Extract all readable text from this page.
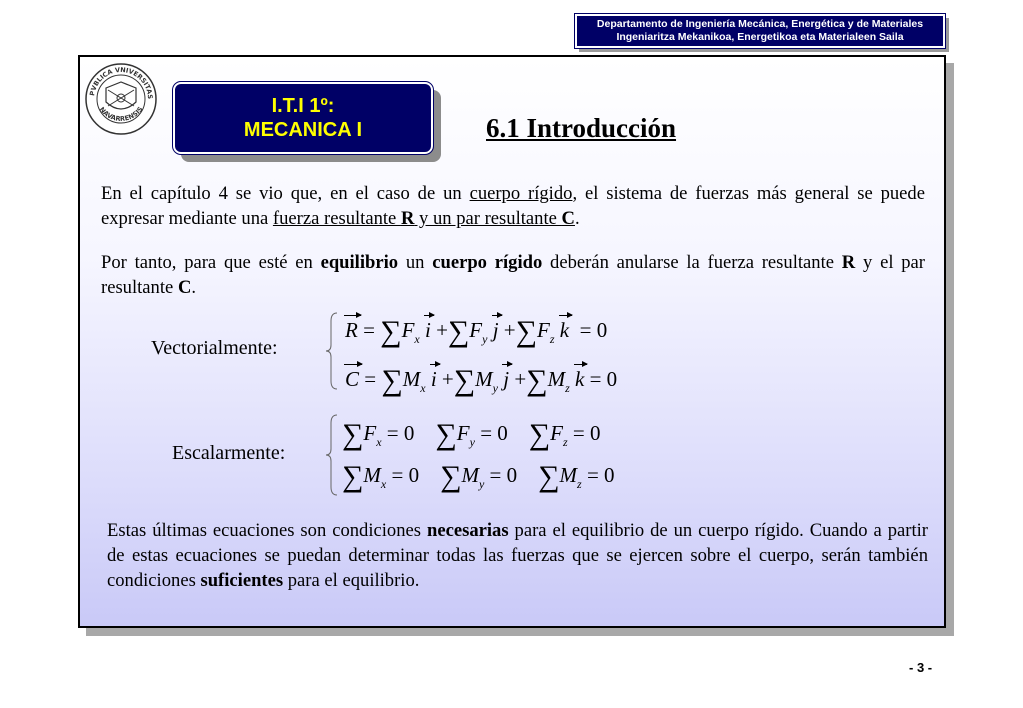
Departamento de Ingeniería Mecánica, Energética y de Materiales
Ingeniaritza Mekanikoa, Energetikoa eta Materialeen Saila
PVBLICA VNIVERSITAS
NAVARRENSIS	I.T.I 1º:
MECANICA I	6.1 Introducción
En el capítulo 4 se vio que, en el caso de un cuerpo rígido, el sistema de fuerzas más general se puede expresar mediante una fuerza resultante R y un par resultante C.
Por tanto, para que esté en equilibrio un cuerpo rígido deberán anularse la fuerza resultante R y el par resultante C.
Vectorialmente:
$R = \sum F_x$ $i +\sum F_y$ $j +\sum F_z$ k  = 0
$C = \sum M_x$ $i +\sum M_y$ $j +\sum M_z$ k = 0
Escalarmente:
$\sum F_x = 0$ $\sum F_y = 0$ $\sum F_z = 0$
$\sum M_x = 0$ $\sum M_y = 0$ $\sum M_z = 0$
Estas últimas ecuaciones son condiciones necesarias para el equilibrio de un cuerpo rígido. Cuando a partir de estas ecuaciones se puedan determinar todas las fuerzas que se ejercen sobre el cuerpo, serán también condiciones suficientes para el equilibrio.
- 3 -
